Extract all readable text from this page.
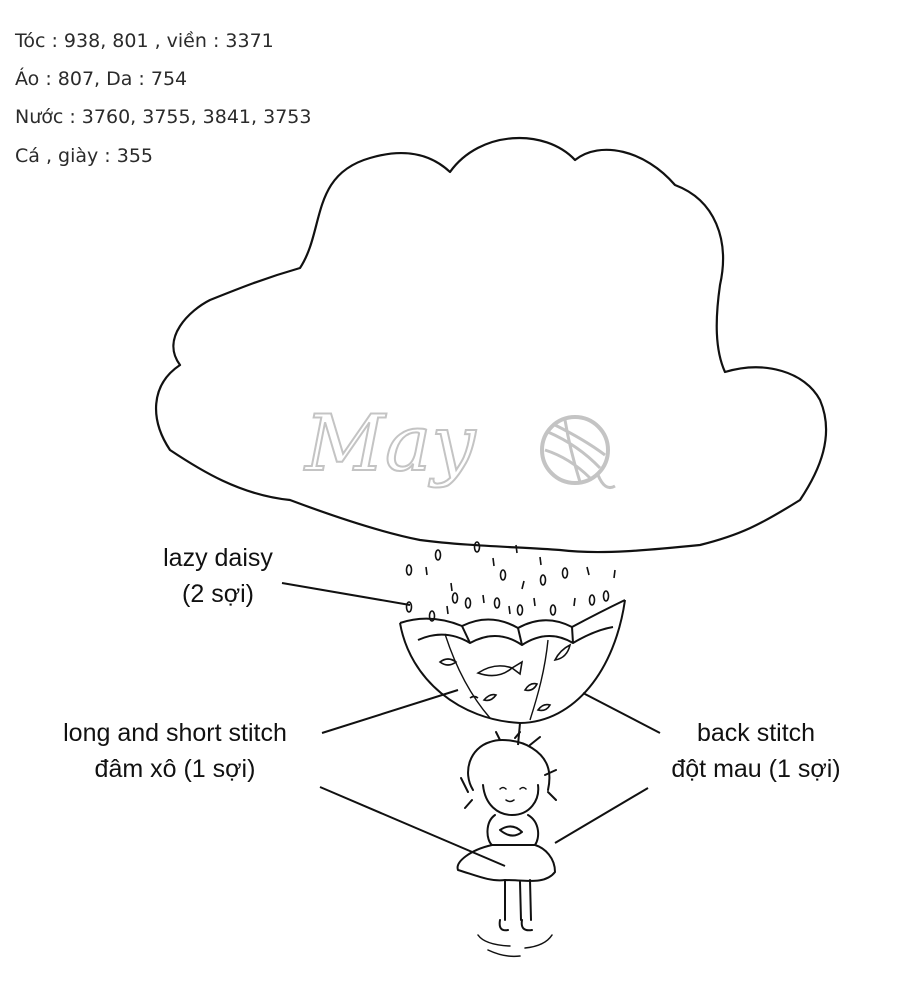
Tóc : 938, 801 , viền : 3371
Áo : 807, Da : 754
Nước : 3760, 3755, 3841, 3753
Cá , giày : 355
May
lazy daisy
(2 sợi)
long and short stitch
đâm xô (1 sợi)
back stitch
đột mau (1 sợi)
